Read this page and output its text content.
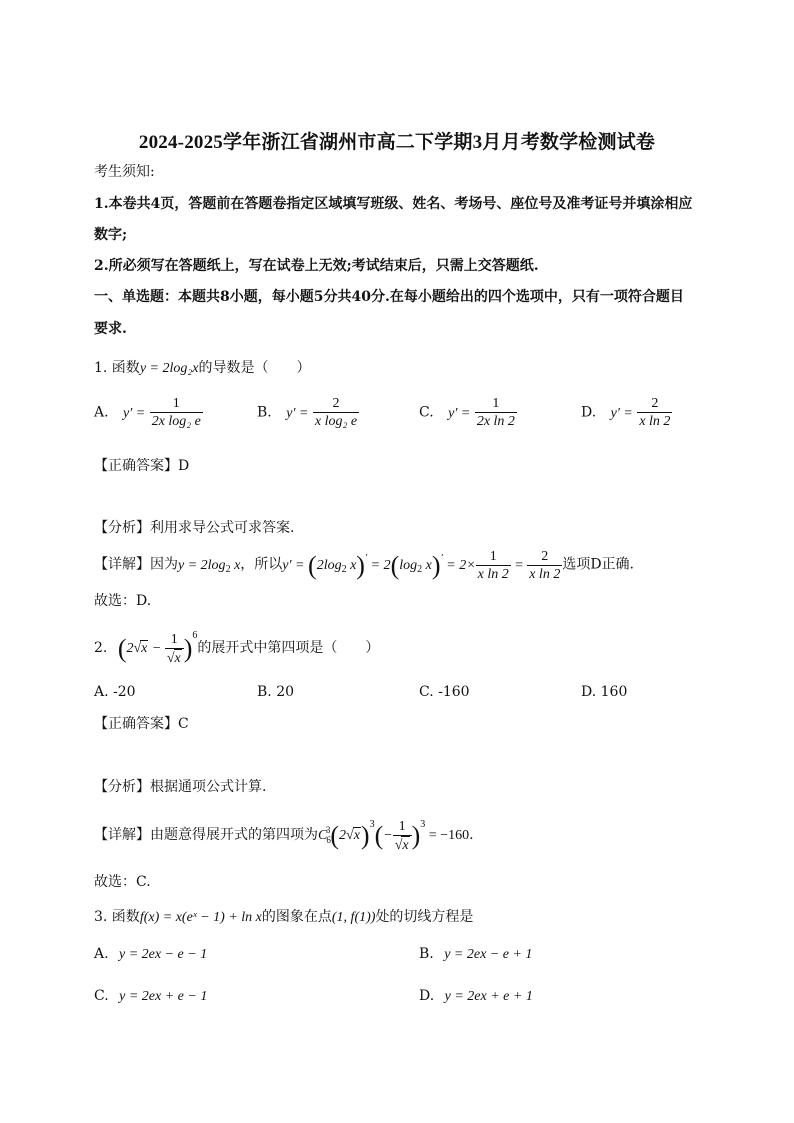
2024-2025学年浙江省湖州市高二下学期3月月考数学检测试卷
考生须知:
1.本卷共4页，答题前在答题卷指定区域填写班级、姓名、考场号、座位号及准考证号并填涂相应
数字;
2.所必须写在答题纸上，写在试卷上无效;考试结束后，只需上交答题纸.
一、单选题：本题共8小题，每小题5分共40分.在每小题给出的四个选项中，只有一项符合题目
要求.
1. 函数y = 2log₂x的导数是（　　）
A. $y' = \frac{1}{\text{2x log₂ e}}$	B. $y' = \frac{2}{\text{x log₂ e}}$	C. $y' = \frac{1}{\text{2x ln 2}}$	D. $y' = \frac{2}{\text{x ln 2}}$
【正确答案】D
【分析】利用求导公式可求答案.
【详解】因为$y = 2\log_2$ x，所以$y' = (2\log_2$ $x)' = 2(\log_2$ $x)' = 2\times \frac{1}{\text{x ln 2}} = \frac{2}{\text{x ln 2}}$ 选项D正确.
故选：D.
2. $(2√x - \frac{1}{√x} )^6$的展开式中第四项是（　　）
A. -20	B. 20	C. -160	D. 160
【正确答案】C
【分析】根据通项公式计算.
【详解】由题意得展开式的第四项为$C_6^3(2√x)^3(- \frac{1}{√x} )^3 = -160$.
故选：C.
3. 函数f(x) = x(eˣ − 1) + ln x的图象在点(1, f(1))处的切线方程是
A. y = 2ex − e − 1	B. y = 2ex − e + 1
C. y = 2ex + e − 1	D. y = 2ex + e + 1
